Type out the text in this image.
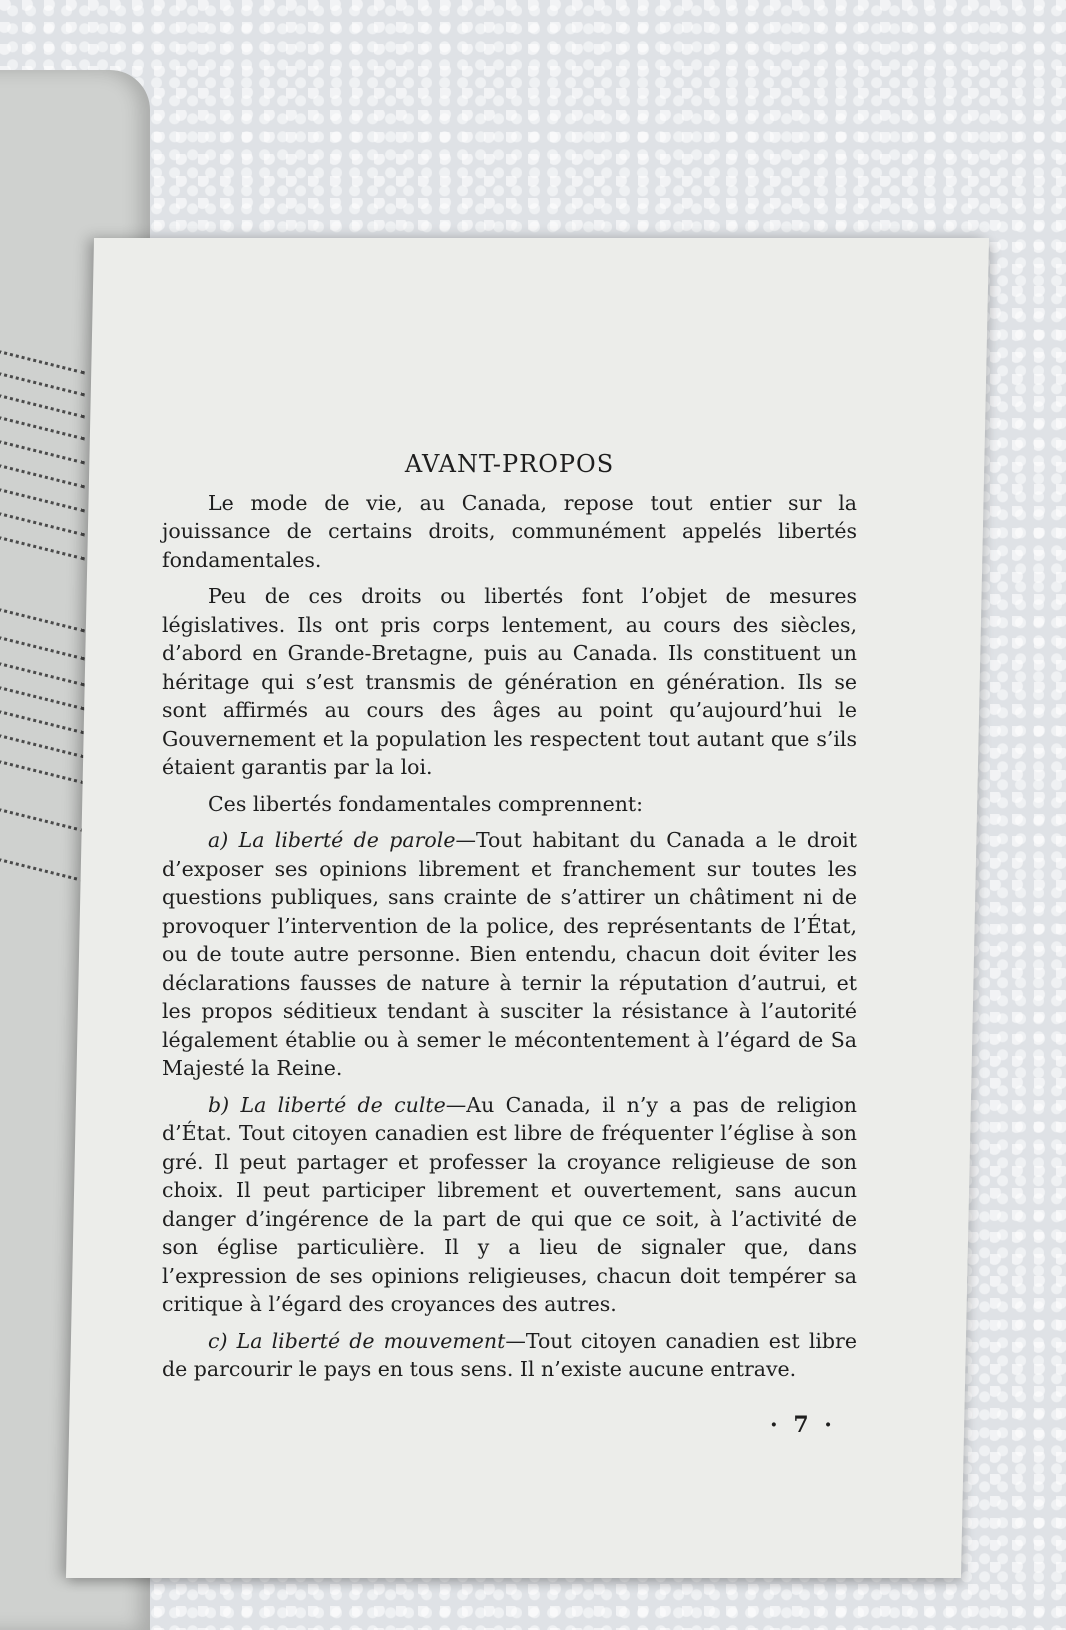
AVANT-PROPOS

Le mode de vie, au Canada, repose tout entier sur la jouissance de certains droits, communément appelés libertés fondamentales.

Peu de ces droits ou libertés font l’objet de mesures législatives. Ils ont pris corps lentement, au cours des siècles, d’abord en Grande-Bretagne, puis au Canada. Ils constituent un héritage qui s’est transmis de génération en génération. Ils se sont affirmés au cours des âges au point qu’aujourd’hui le Gouvernement et la population les respectent tout autant que s’ils étaient garantis par la loi.

Ces libertés fondamentales comprennent:

a) La liberté de parole—Tout habitant du Canada a le droit d’exposer ses opinions librement et franchement sur toutes les questions publiques, sans crainte de s’attirer un châtiment ni de provoquer l’intervention de la police, des représentants de l’État, ou de toute autre personne. Bien entendu, chacun doit éviter les déclarations fausses de nature à ternir la réputation d’autrui, et les propos séditieux tendant à susciter la résistance à l’autorité légalement établie ou à semer le mécontentement à l’égard de Sa Majesté la Reine.

b) La liberté de culte—Au Canada, il n’y a pas de religion d’État. Tout citoyen canadien est libre de fréquenter l’église à son gré. Il peut partager et professer la croyance religieuse de son choix. Il peut participer librement et ouvertement, sans aucun danger d’ingérence de la part de qui que ce soit, à l’activité de son église particulière. Il y a lieu de signaler que, dans l’expression de ses opinions religieuses, chacun doit tempérer sa critique à l’égard des croyances des autres.

c) La liberté de mouvement—Tout citoyen canadien est libre de parcourir le pays en tous sens. Il n’existe aucune entrave.

· 7 ·
